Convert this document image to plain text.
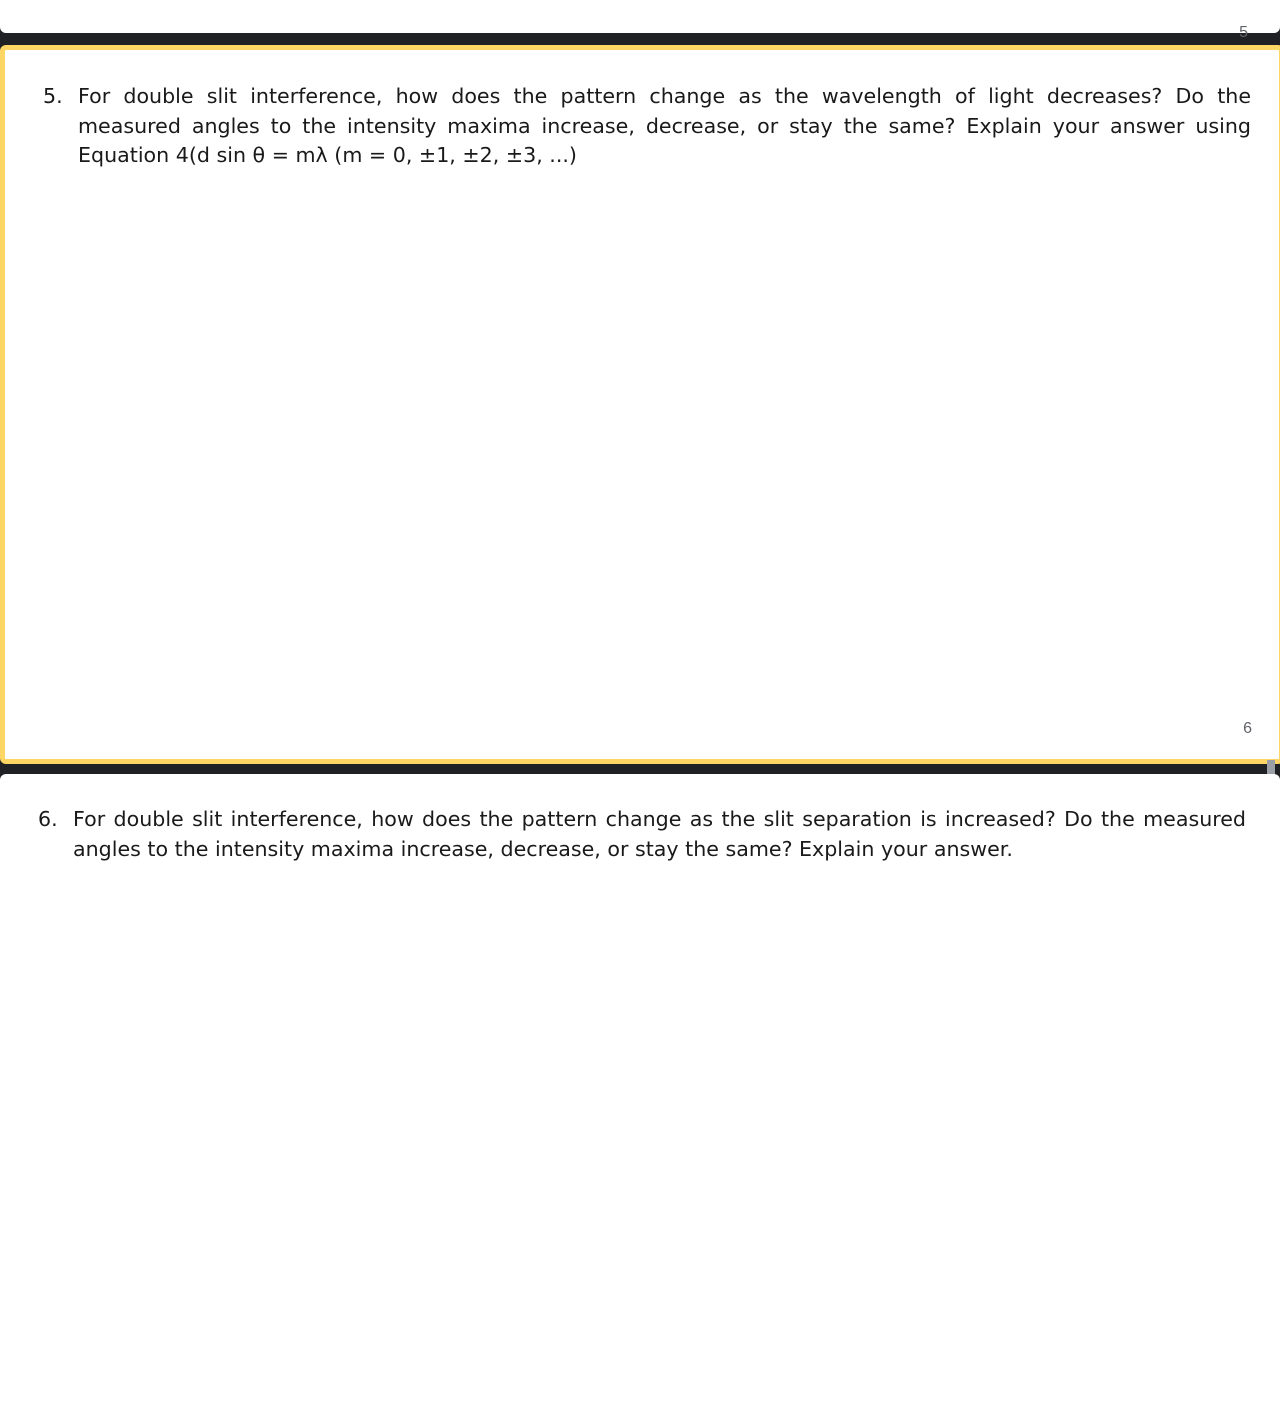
5
5. For double slit interference, how does the pattern change as the wavelength of light decreases? Do the measured angles to the intensity maxima increase, decrease, or stay the same? Explain your answer using Equation 4(d sin θ = mλ (m = 0, ±1, ±2, ±3, ...)
6
6. For double slit interference, how does the pattern change as the slit separation is increased? Do the measured angles to the intensity maxima increase, decrease, or stay the same? Explain your answer.
